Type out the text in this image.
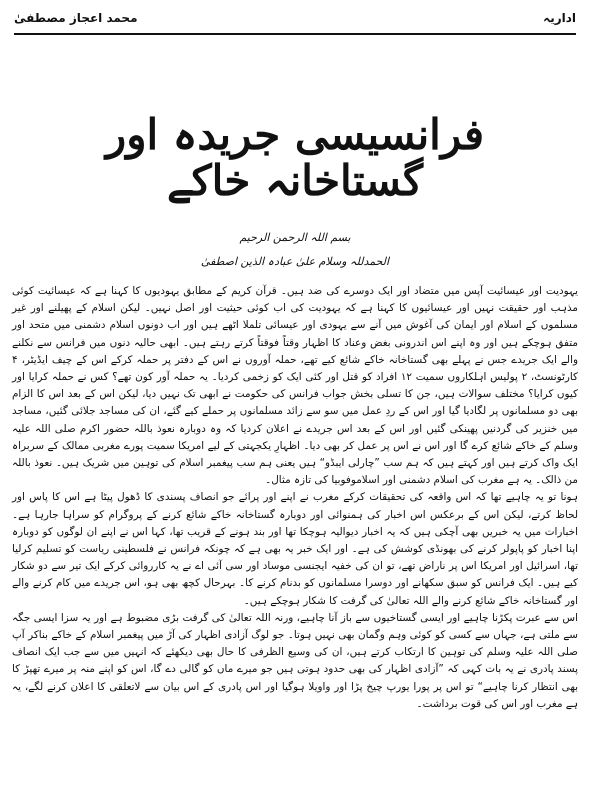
محمد اعجاز مصطفیٰ	اداریہ
فرانسیسی جریدہ اور گستاخانہ خاکے
بسم اللہ الرحمن الرحیم
الحمدللہ وسلام علیٰ عبادہ الذین اصطفیٰ

یہودیت اور عیسائیت آپس میں متضاد اور ایک دوسرے کی ضد ہیں۔ قرآن کریم کے مطابق یہودیوں کا کہنا ہے کہ عیسائیت کوئی مذہب اور حقیقت نہیں اور عیسائیوں کا کہنا ہے کہ یہودیت کی اب کوئی حیثیت اور اصل نہیں۔ لیکن اسلام کے پھیلنے اور غیر مسلموں کے اسلام اور ایمان کی آغوش میں آنے سے یہودی اور عیسائی تلملا اٹھے ہیں اور اب دونوں اسلام دشمنی میں متحد اور متفق ہوچکے ہیں اور وہ اپنے اس اندرونی بغض وعناد کا اظہار وقتاً فوقتاً کرتے رہتے ہیں۔ ابھی حالیہ دنوں میں فرانس سے نکلنے والے ایک جریدے جس نے پہلے بھی گستاخانہ خاکے شائع کیے تھے، حملہ آوروں نے اس کے دفتر پر حملہ کرکے اس کے چیف ایڈیٹر، ۴ کارٹونسٹ، ۲ پولیس اہلکاروں سمیت ۱۲ افراد کو قتل اور کئی ایک کو زخمی کردیا۔ یہ حملہ آور کون تھے؟ کس نے حملہ کرایا اور کیوں کرایا؟ مختلف سوالات ہیں، جن کا تسلی بخش جواب فرانس کی حکومت نے ابھی تک نہیں دیا، لیکن اس کے بعد اس کا الزام بھی دو مسلمانوں پر لگادیا گیا اور اس کے ردِ عمل میں سو سے زائد مسلمانوں پر حملے کیے گئے، ان کی مساجد جلائی گئیں، مساجد میں خنزیر کی گردنیں پھینکی گئیں اور اس کے بعد اس جریدے نے اعلان کردیا کہ وہ دوبارہ نعوذ باللہ حضور اکرم صلی اللہ علیہ وسلم کے خاکے شائع کرے گا اور اس نے اس پر عمل کر بھی دیا۔ اظہارِ یکجہتی کے لیے امریکا سمیت پورے مغربی ممالک کے سربراہ ایک واک کرتے ہیں اور کہتے ہیں کہ ہم سب ”چارلی ایبڈو“ ہیں یعنی ہم سب پیغمبر اسلام کی توہین میں شریک ہیں۔ نعوذ باللہ من ذالک۔ یہ ہے مغرب کی اسلام دشمنی اور اسلاموفوبیا کی تازہ مثال۔

ہونا تو یہ چاہیے تھا کہ اس واقعہ کی تحقیقات کرکے مغرب نے اپنے اور پرائے جو انصاف پسندی کا ڈھول پیٹا ہے اس کا پاس اور لحاظ کرتے، لیکن اس کے برعکس اس اخبار کی ہمنوائی اور دوبارہ گستاخانہ خاکے شائع کرنے کے پروگرام کو سراہا جارہا ہے۔ اخبارات میں یہ خبریں بھی آچکی ہیں کہ یہ اخبار دیوالیہ ہوچکا تھا اور بند ہونے کے قریب تھا، کہا اس نے اپنے ان لوگوں کو دوبارہ اپنا اخبار کو پاپولر کرنے کی بھونڈی کوشش کی ہے۔ اور ایک خبر یہ بھی ہے کہ چونکہ فرانس نے فلسطینی ریاست کو تسلیم کرلیا تھا، اسرائیل اور امریکا اس پر ناراض تھے، تو ان کی خفیہ ایجنسی موساد اور سی آئی اے نے یہ کارروائی کرکے ایک تیر سے دو شکار کیے ہیں۔ ایک فرانس کو سبق سکھانے اور دوسرا مسلمانوں کو بدنام کرنے کا۔ بہرحال کچھ بھی ہو، اس جریدے میں کام کرنے والے اور گستاخانہ خاکے شائع کرنے والے اللہ تعالیٰ کی گرفت کا شکار ہوچکے ہیں۔

اس سے عبرت پکڑنا چاہیے اور ایسی گستاخیوں سے باز آنا چاہیے، ورنہ اللہ تعالیٰ کی گرفت بڑی مضبوط ہے اور یہ سزا ایسی جگہ سے ملتی ہے، جہاں سے کسی کو کوئی وہم وگمان بھی نہیں ہوتا۔ جو لوگ آزادی اظہار کی آڑ میں پیغمبر اسلام کے خاکے بناکر آپ صلی اللہ علیہ وسلم کی توہین کا ارتکاب کرتے ہیں، ان کی وسیع الظرفی کا حال بھی دیکھئے کہ انہیں میں سے جب ایک انصاف پسند پادری نے یہ بات کہی کہ ”آزادی اظہار کی بھی حدود ہوتی ہیں جو میرے ماں کو گالی دے گا، اس کو اپنے منہ پر میرے تھپڑ کا بھی انتظار کرنا چاہیے“ تو اس پر پورا یورپ چیخ پڑا اور واویلا ہوگیا اور اس پادری کے اس بیان سے لاتعلقی کا اعلان کرنے لگے، یہ ہے مغرب اور اس کی قوت برداشت۔
